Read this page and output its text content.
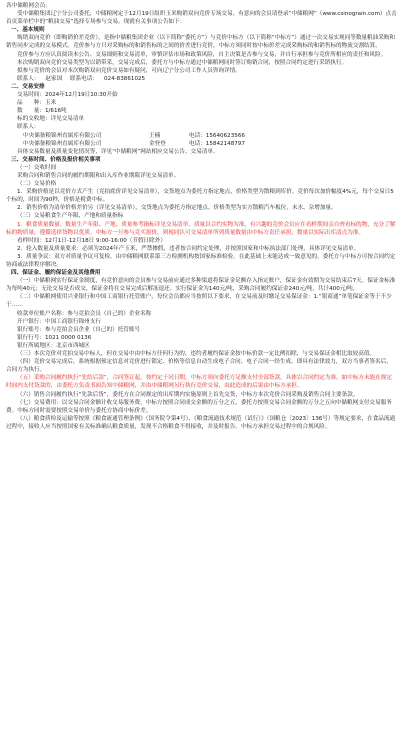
各中储粮网会员：

受中储粮集团辽宁分公司委托，中储粮网定于12月19日组织玉米购销双向竞价专场交易，有意向的会员请登录“中储粮网”（www.csinograin.com）点击首页菜单栏中的“粮油交易”选择专场参与交易。现就有关事项公告如下：

一、基本规则

购销双向竞价（即购销价差竞价），是指中储粮集团企业（以下简称“委托方”）与竞价中标方（以下简称“中标方”）通过一次交易实现同等数量粮油采购和销售同步完成的交易模式。竞价参与方只对采购标的和销售标的之间的价差进行竞价，中标方须同时按中标价差完成采购标的和销售标的物流交割结算。

竞价参与方应认真阅读本公告、交易细则和交易清单，审慎评估市场和政策风险，自主决策是否参与交易，并自行承担参与竞价所相应的责任和风险。

本次购销双向竞价交易类型为以销带采，交易完成后，委托方与中标方通过中储粮网同时签订购销合同，按照合同约定进行采销执行。

拟参与竞价的会员对本次购销双向竞价交易如有疑问，可向辽宁分公司工作人员咨询详情。

联系人： 赵家国 联系电话： 024-83861025

二、交易安排

交易时间：2024年12月19日10:30开始
品　　种：玉米
数　　量：1/616吨
标的交收地：详见交易清单
联系人：
中央储备粮锦州直属库有限公司	王楠	电话：15640623566
中央储备粮锦州直属库有限公司	金登登	电话：15842148797

具体交易数量及质量变化情况等，详见“中储粮网”网站相应交易公告、交易清单。

三、交易时间、价格及报价相关事项

（一）交收时间

采购合同和销售合同的履约期限和出入库作业期限详见交易清单。

（二）交易价格

1．采购价格是以竞价方式产生（竞拍底价详见交易清单），交货地点为委托方指定地点，价格类型为散粮到库价。竞价每次加价幅度4%元，每个交易日5个标的，时间为90秒，价格是税费中标。

2．销售价格为清单价格差价另（详见交易清单），交货地点为委托方指定地点，价格类型为实方散粮汽车板位，未水、杂增加量。

（三）交易粮食生产年限、产地和质量指标

1．粮食质量数量。数量生产年限、产地、质量参考指标详见交易清单。质量以合约实物为准，有兴趣的竞价会员应在看样期间亲自查看标的物，充分了解标的物质量，遵循选择货物以优质。中标方一旦参与竞买报价，则视同认可交易清单所列质量数量由中标方责任承担，数量以实际出库清点为准。

看样时间：12月1日-12月18日 9:00-16:00（节假日除外）

2．轮入数量及质量要求：必须为2024年产玉米，严禁掺假，违者按合同约定处理，并按照国家和中标执法部门处理，具体详见交易清单。

3．质量争议：双方对质量争议可复检，由中储粮网联系第三方检测机构按国家标准检验。在此基础上未能达成一致意见的，委托方与中标方可按合同约定协商或法律程序解决。

四、保证金、履约保证金及其他费用

（一）中储粮网实行保证金制度，有竞价意向的会员参与交易前应通过多种渠道将保证金足额存入指定账户，保证金有效期为交易结束后7天。保证金标准为每吨40元；无论交易是否成交，保证金将在交易完成后解冻退还。实行保证金为140元/吨，采购合同履约保证金240元/吨，共计400元/吨。

（二）中储粮网使用兴业银行和中国工商银行托管账户，每位会员都应当按照以下要求，在交易前及时缴足交易保证金：1.“银商通”单笔保证金等于不少于……

收款单位账户名称：参与竞拍会员（自己的）企业名称
开户银行：中国工商银行锦州支行
银行账号：参与竞拍会员企业（自己的）托管账号
银行行号：1021 0000 0136
银行所属地区：北京市西城区

（三）本次竞价对竞拍交易中标人，但在交易中由中标方任何行为的，违约者履约保证金按中标价款一定比例扣除，与交易保证金相比取较高值。

（四）竞价交易完成后，系统根据预定信息对竞价进行锁定、价格等信息自动生成电子合同。电子合同一经生成，即具有法律效力，双方当事者签名后，合同方为执行。

（五）采购合同履约执行“先结后款”，合同签订起，按约定于同日期，中标方须向委托方足额支付全部货款，具体以合同约定为准，如中标方未能在规定时间内支付货款的，由委托方负责书面告知中储粮网，并由中储粮网另行执行竞价交易，由此造成的后果由中标方承担。

（六）销售合同履约执行“先款后货”，委托方在合同规定的出库期内实施原则上首先交货，中标方本次竞价合同采购及销售合同主要条款。

（七）交易费用：以交易合同金额计收交易服务费，中标方按照合同成交金额的万分之五，委托方按照交易合同金额的万分之五向中储粮网支付交易服务费。中标方同时需要按照交易单价与委托方协商中标价差。

（八）粮食质检及运输等按照《粮食流通管理条例》（国务院令第4号）、《粮食流通技术规范（试行）》（国粮仓〔2023〕136号）等规定要求，在食品流通过程中，接收人应当按照国家有关标准确认粮食质量，发现不合格粮食不得接收，并及时报告。中标方承担交易过程中的合规风险。
